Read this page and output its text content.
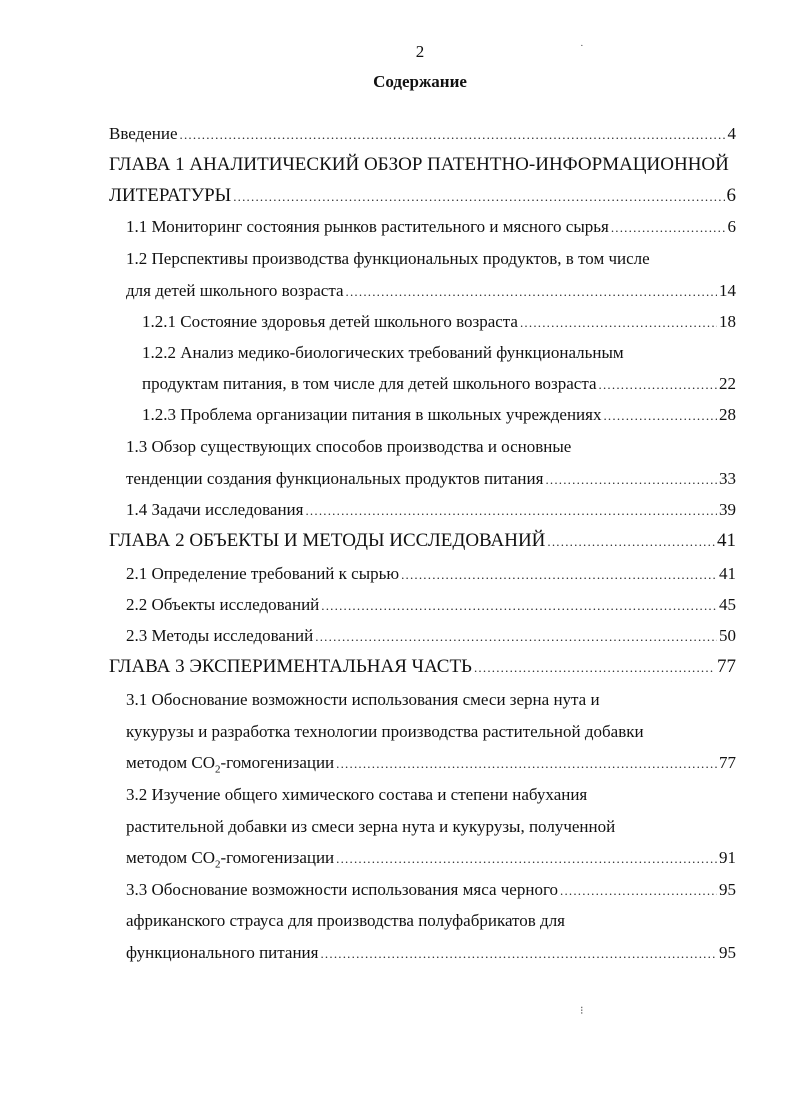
2
Содержание
Введение .....	4
ГЛАВА 1 АНАЛИТИЧЕСКИЙ ОБЗОР ПАТЕНТНО-ИНФОРМАЦИОННОЙ
ЛИТЕРАТУРЫ .....	6
1.1 Мониторинг состояния рынков растительного и мясного сырья .....	6
1.2 Перспективы производства функциональных продуктов, в том числе
для детей школьного возраста .....	14
1.2.1 Состояние здоровья детей школьного возраста .....	18
1.2.2 Анализ медико-биологических требований функциональным
продуктам питания, в том числе для детей школьного возраста .....	22
1.2.3 Проблема организации питания в школьных учреждениях .....	28
1.3 Обзор существующих способов производства и основные
тенденции создания функциональных продуктов питания .....	33
1.4 Задачи исследования .....	39
ГЛАВА 2 ОБЪЕКТЫ И МЕТОДЫ ИССЛЕДОВАНИЙ .....	41
2.1 Определение требований к сырью .....	41
2.2 Объекты исследований .....	45
2.3 Методы исследований .....	50
ГЛАВА 3 ЭКСПЕРИМЕНТАЛЬНАЯ ЧАСТЬ .....	77
3.1 Обоснование возможности использования смеси зерна нута и
кукурузы и разработка технологии производства растительной добавки
методом $CO_2$-гомогенизации .....	77
3.2 Изучение общего химического состава и степени набухания
растительной добавки из смеси зерна нута и кукурузы, полученной
методом $CO_2$-гомогенизации .....	91
3.3 Обоснование возможности использования мяса черного .....	95
африканского страуса для производства полуфабрикатов для
функционального питания .....	95
·
⁝
